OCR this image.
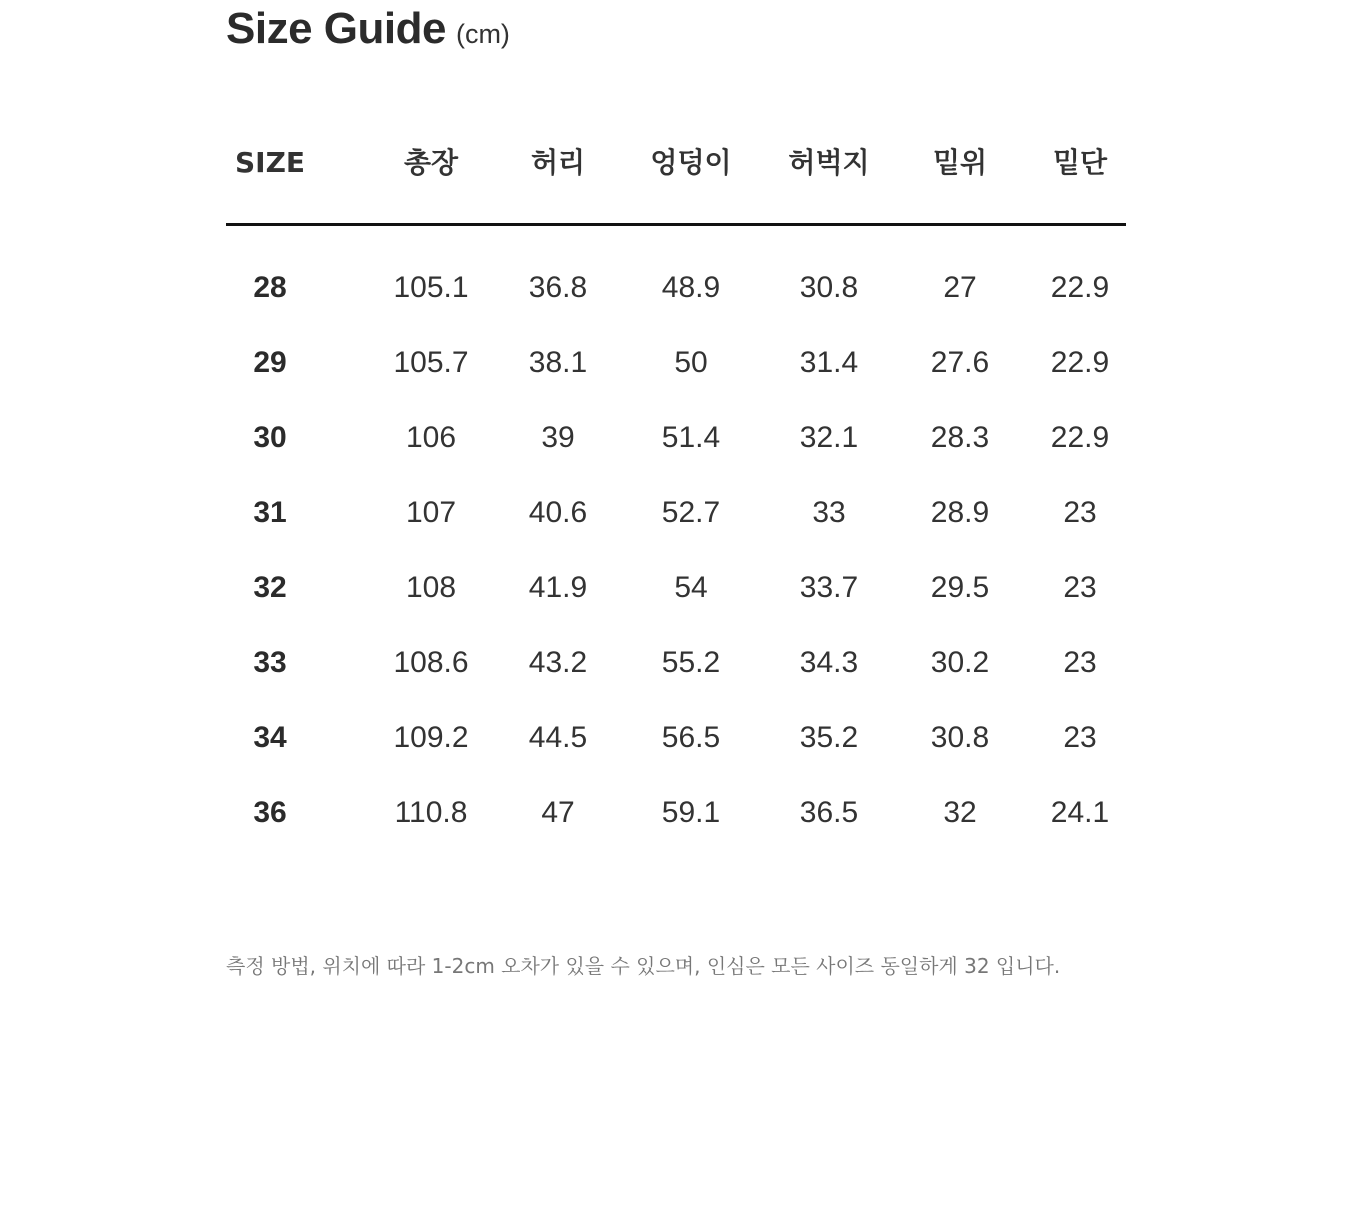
Size Guide (cm)
SIZE	총장	허리	엉덩이	허벅지	밑위	밑단
28	105.1	36.8	48.9	30.8	27	22.9
29	105.7	38.1	50	31.4	27.6	22.9
30	106	39	51.4	32.1	28.3	22.9
31	107	40.6	52.7	33	28.9	23
32	108	41.9	54	33.7	29.5	23
33	108.6	43.2	55.2	34.3	30.2	23
34	109.2	44.5	56.5	35.2	30.8	23
36	110.8	47	59.1	36.5	32	24.1
측정 방법, 위치에 따라 1-2cm 오차가 있을 수 있으며, 인심은 모든 사이즈 동일하게 32 입니다.
